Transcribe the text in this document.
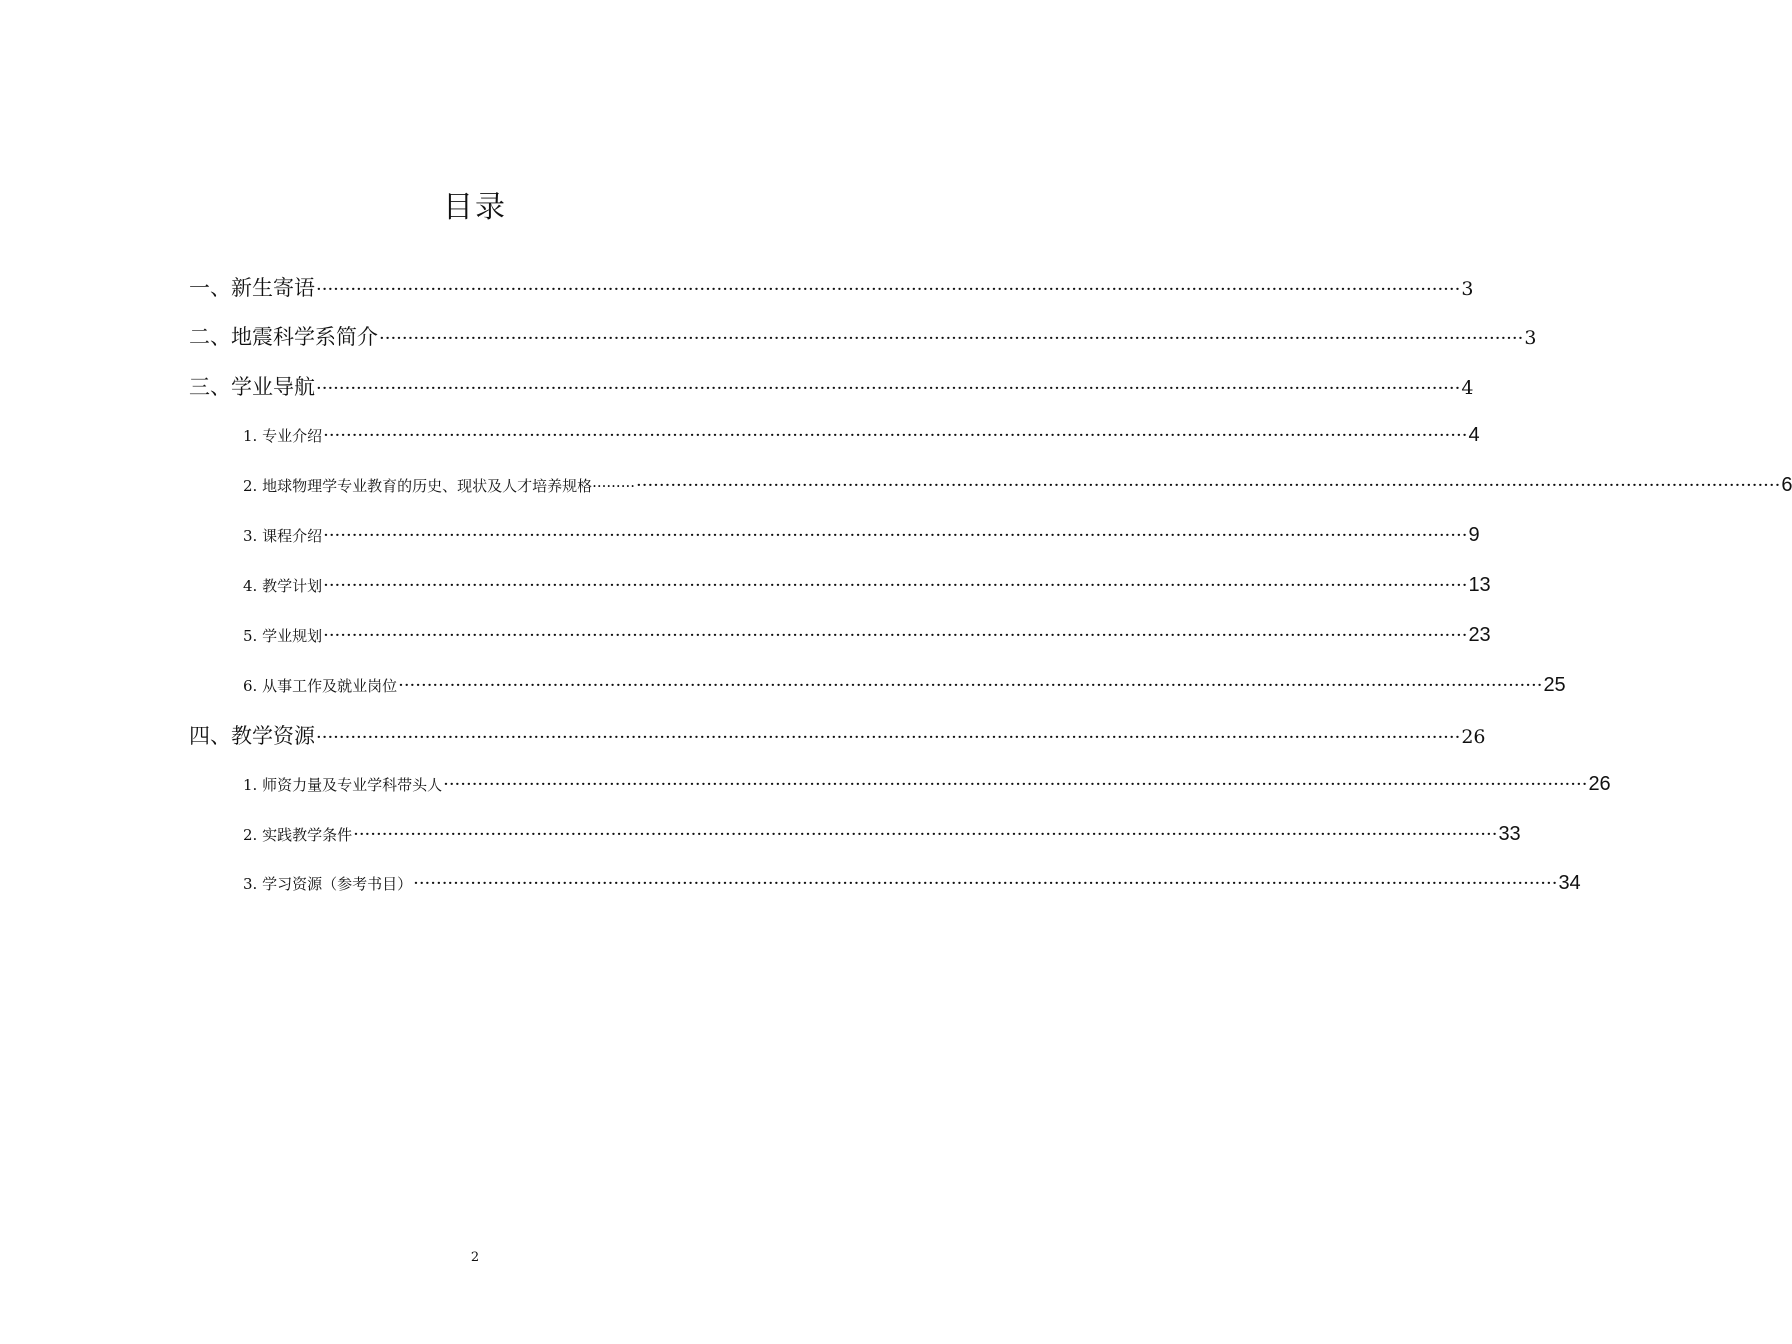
目录
一、新生寄语 ········································································································································································································ 3
二、地震科学系简介 ········································································································································································································ 3
三、学业导航 ········································································································································································································ 4
1. 专业介绍 ········································································································································································································ 4
2. 地球物理学专业教育的历史、现状及人才培养规格········· ········································································································································································································ 6
3. 课程介绍 ········································································································································································································ 9
4. 教学计划 ········································································································································································································ 13
5. 学业规划 ········································································································································································································ 23
6. 从事工作及就业岗位 ········································································································································································································ 25
四、教学资源 ········································································································································································································ 26
1. 师资力量及专业学科带头人 ········································································································································································································ 26
2. 实践教学条件 ········································································································································································································ 33
3. 学习资源（参考书目） ········································································································································································································ 34
2
